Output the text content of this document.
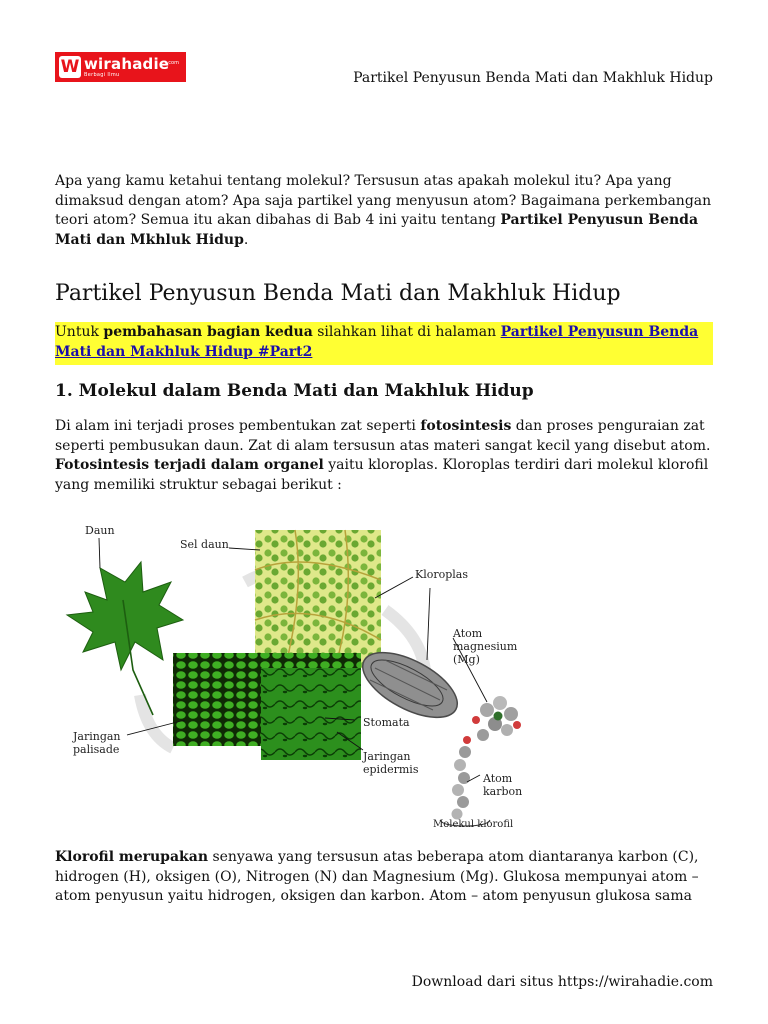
W wirahadie
Berbagi Ilmu
.com
Partikel Penyusun Benda Mati dan Makhluk Hidup

Apa yang kamu ketahui tentang molekul? Tersusun atas apakah molekul itu? Apa yang dimaksud dengan atom? Apa saja partikel yang menyusun atom? Bagaimana perkembangan teori atom? Semua itu akan dibahas di Bab 4 ini yaitu tentang Partikel Penyusun Benda Mati dan Mkhluk Hidup.

Partikel Penyusun Benda Mati dan Makhluk Hidup
Untuk pembahasan bagian kedua silahkan lihat di halaman Partikel Penyusun Benda Mati dan Makhluk Hidup #Part2
1. Molekul dalam Benda Mati dan Makhluk Hidup

Di alam ini terjadi proses pembentukan zat seperti fotosintesis dan proses penguraian zat seperti pembusukan daun. Zat di alam tersusun atas materi sangat kecil yang disebut atom. Fotosintesis terjadi dalam organel yaitu kloroplas. Kloroplas terdiri dari molekul klorofil yang memiliki struktur sebagai berikut :

Daun
Sel daun
Kloroplas
Atom
magnesium
(Mg)
Stomata
Jaringan
palisade
Jaringan
epidermis
Atom
karbon
Molekul klorofil

Klorofil merupakan senyawa yang tersusun atas beberapa atom diantaranya karbon (C), hidrogen (H), oksigen (O), Nitrogen (N) dan Magnesium (Mg). Glukosa mempunyai atom – atom penyusun yaitu hidrogen, oksigen dan karbon. Atom – atom penyusun glukosa sama

Download dari situs https://wirahadie.com
